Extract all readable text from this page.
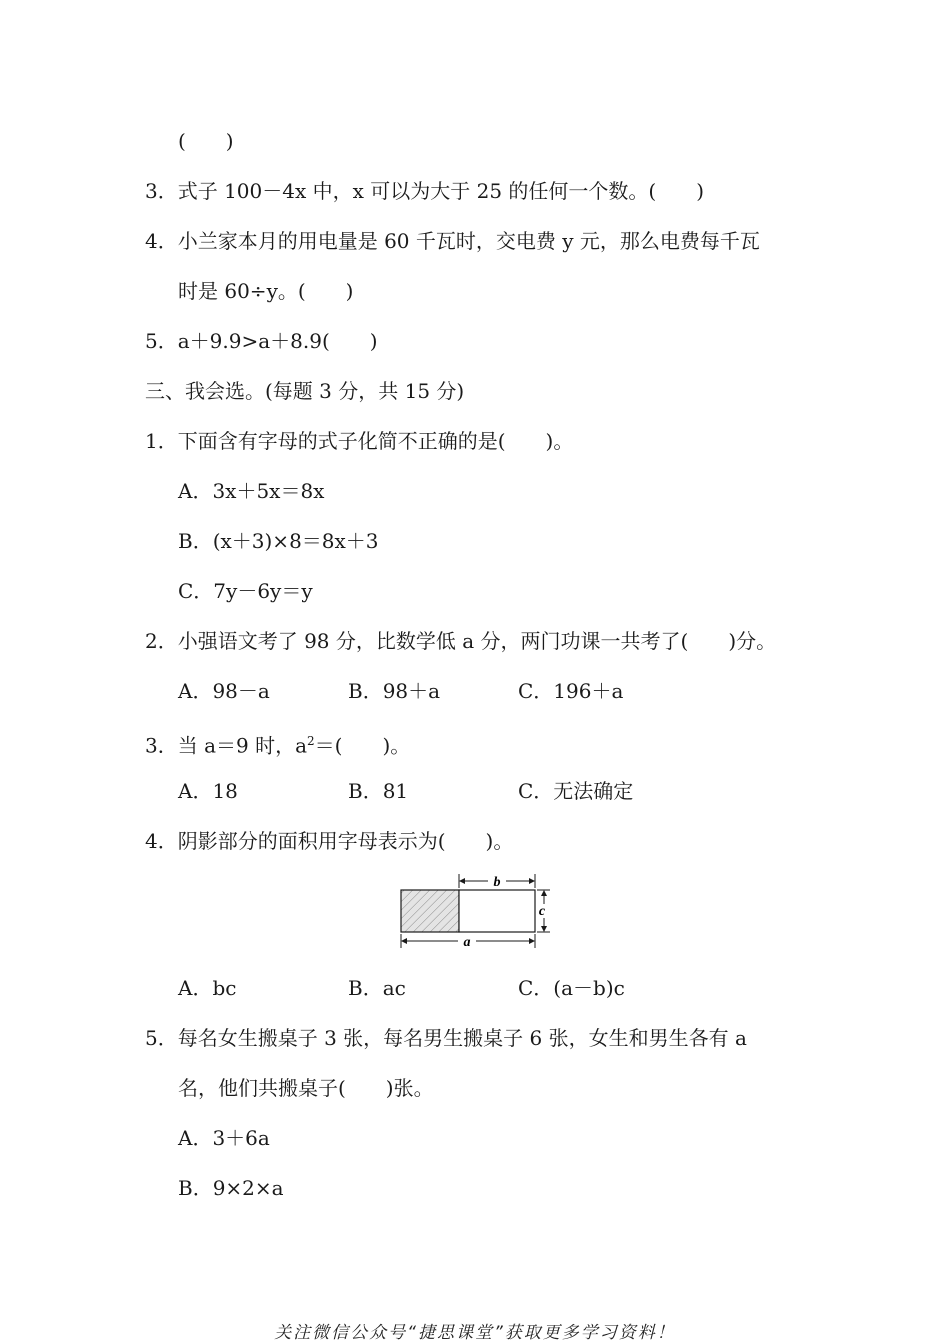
(　　)
3．式子 100－4x 中，x 可以为大于 25 的任何一个数。(　　)
4．小兰家本月的用电量是 60 千瓦时，交电费 y 元，那么电费每千瓦
时是 60÷y。(　　)
5．a＋9.9>a＋8.9(　　)
三、我会选。(每题 3 分，共 15 分)
1．下面含有字母的式子化简不正确的是(　　)。
A．3x＋5x＝8x
B．(x＋3)×8＝8x＋3
C．7y－6y＝y
2．小强语文考了 98 分，比数学低 a 分，两门功课一共考了(　　)分。
A．98－a	B．98＋a	C．196＋a
3．当 a＝9 时，$a^2=$(　　)。
A．18	B．81	C．无法确定
4．阴影部分的面积用字母表示为(　　)。
b
c
a
A．bc	B．ac	C．(a－b)c
5．每名女生搬桌子 3 张，每名男生搬桌子 6 张，女生和男生各有 a
名，他们共搬桌子(　　)张。
A．3＋6a
B．9×2×a
关注微信公众号“捷思课堂”获取更多学习资料！
